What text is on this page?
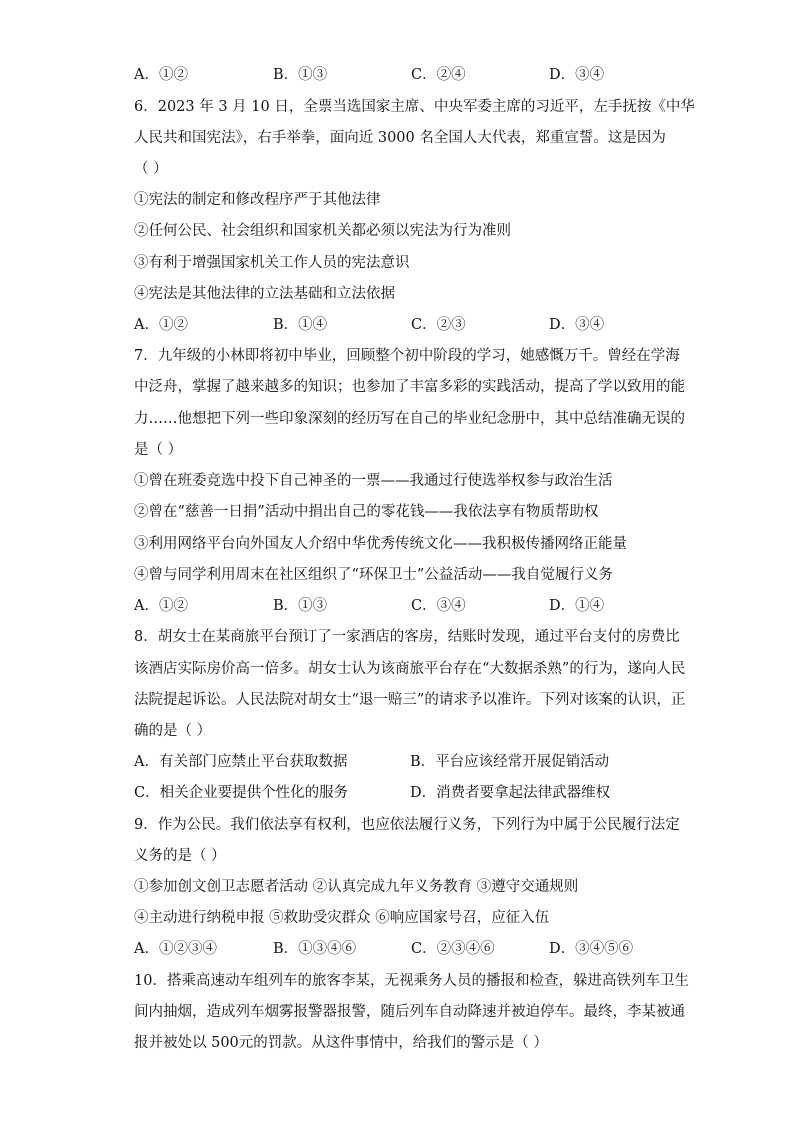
A．①②	B．①③	C．②④	D．③④
6．2023 年 3 月 10 日，全票当选国家主席、中央军委主席的习近平，左手抚按《中华
人民共和国宪法》，右手举拳，面向近 3000 名全国人大代表，郑重宣誓。这是因为
（ ）
①宪法的制定和修改程序严于其他法律
②任何公民、社会组织和国家机关都必须以宪法为行为准则
③有利于增强国家机关工作人员的宪法意识
④宪法是其他法律的立法基础和立法依据
A．①②	B．①④	C．②③	D．③④
7．九年级的小林即将初中毕业，回顾整个初中阶段的学习，她感慨万千。曾经在学海
中泛舟，掌握了越来越多的知识；也参加了丰富多彩的实践活动，提高了学以致用的能
力……他想把下列一些印象深刻的经历写在自己的毕业纪念册中，其中总结准确无误的
是（ ）
①曾在班委竞选中投下自己神圣的一票——我通过行使选举权参与政治生活
②曾在“慈善一日捐”活动中捐出自己的零花钱——我依法享有物质帮助权
③利用网络平台向外国友人介绍中华优秀传统文化——我积极传播网络正能量
④曾与同学利用周末在社区组织了“环保卫士”公益活动——我自觉履行义务
A．①②	B．①③	C．③④	D．①④
8．胡女士在某商旅平台预订了一家酒店的客房，结账时发现，通过平台支付的房费比
该酒店实际房价高一倍多。胡女士认为该商旅平台存在“大数据杀熟”的行为，遂向人民
法院提起诉讼。人民法院对胡女士“退一赔三”的请求予以准许。下列对该案的认识，正
确的是（ ）
A．有关部门应禁止平台获取数据	B．平台应该经常开展促销活动
C．相关企业要提供个性化的服务	D．消费者要拿起法律武器维权
9．作为公民。我们依法享有权利，也应依法履行义务，下列行为中属于公民履行法定
义务的是（ ）
①参加创文创卫志愿者活动 ②认真完成九年义务教育 ③遵守交通规则
④主动进行纳税申报 ⑤救助受灾群众 ⑥响应国家号召，应征入伍
A．①②③④	B．①③④⑥	C．②③④⑥	D．③④⑤⑥
10．搭乘高速动车组列车的旅客李某，无视乘务人员的播报和检查，躲进高铁列车卫生
间内抽烟，造成列车烟雾报警器报警，随后列车自动降速并被迫停车。最终，李某被通
报并被处以 500元的罚款。从这件事情中，给我们的警示是（ ）
